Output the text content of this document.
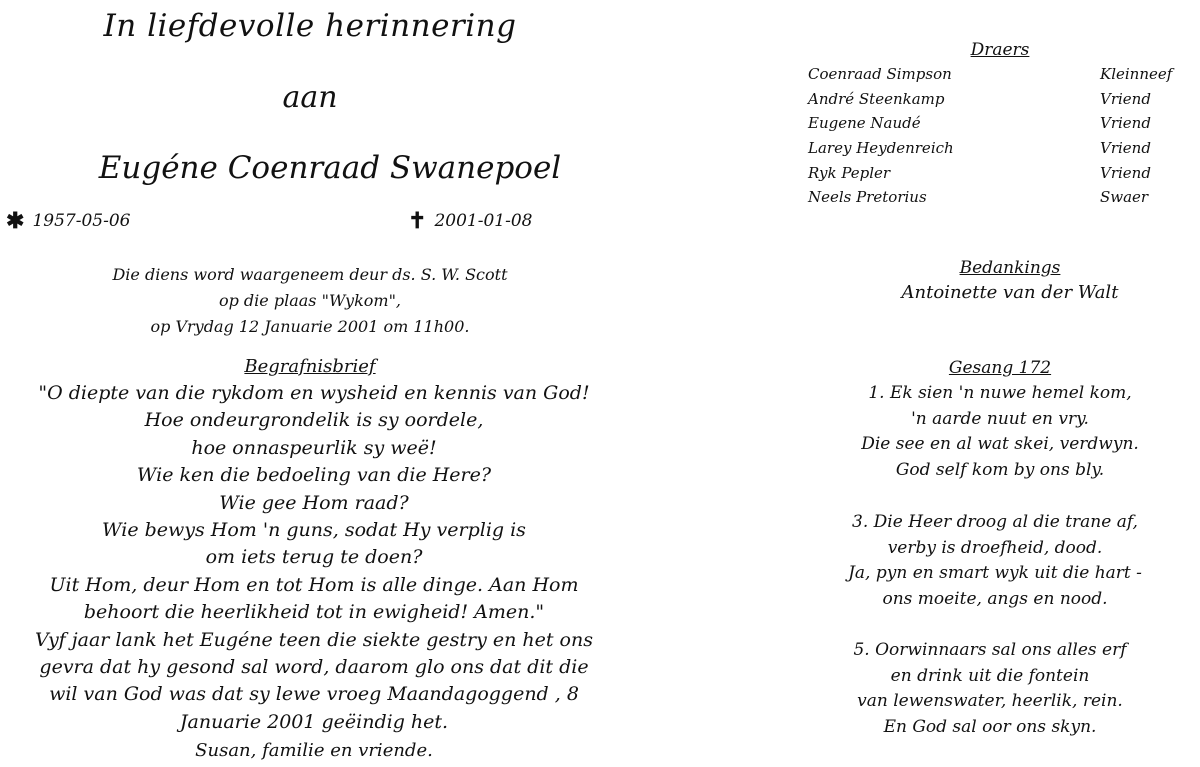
In liefdevolle herinnering
aan
Eugéne Coenraad Swanepoel
✱ 1957-05-06	✝ 2001-01-08
Die diens word waargeneem deur ds. S. W. Scott
op die plaas "Wykom",
op Vrydag 12 Januarie 2001 om 11h00.
Begrafnisbrief
"O diepte van die rykdom en wysheid en kennis van God!
Hoe ondeurgrondelik is sy oordele,
hoe onnaspeurlik sy weë!
Wie ken die bedoeling van die Here?
Wie gee Hom raad?
Wie bewys Hom 'n guns, sodat Hy verplig is
om iets terug te doen?
Uit Hom, deur Hom en tot Hom is alle dinge. Aan Hom
behoort die heerlikheid tot in ewigheid! Amen."
Vyf jaar lank het Eugéne teen die siekte gestry en het ons
gevra dat hy gesond sal word, daarom glo ons dat dit die
wil van God was dat sy lewe vroeg Maandagoggend , 8
Januarie 2001 geëindig het.
Susan, familie en vriende.
Draers
Coenraad Simpson	Kleinneef
André Steenkamp	Vriend
Eugene Naudé	Vriend
Larey Heydenreich	Vriend
Ryk Pepler	Vriend
Neels Pretorius	Swaer
Bedankings
Antoinette van der Walt
Gesang 172
1. Ek sien 'n nuwe hemel kom,
'n aarde nuut en vry.
Die see en al wat skei, verdwyn.
God self kom by ons bly.
3. Die Heer droog al die trane af,
verby is droefheid, dood.
Ja, pyn en smart wyk uit die hart -
ons moeite, angs en nood.
5. Oorwinnaars sal ons alles erf
en drink uit die fontein
van lewenswater, heerlik, rein.
En God sal oor ons skyn.
